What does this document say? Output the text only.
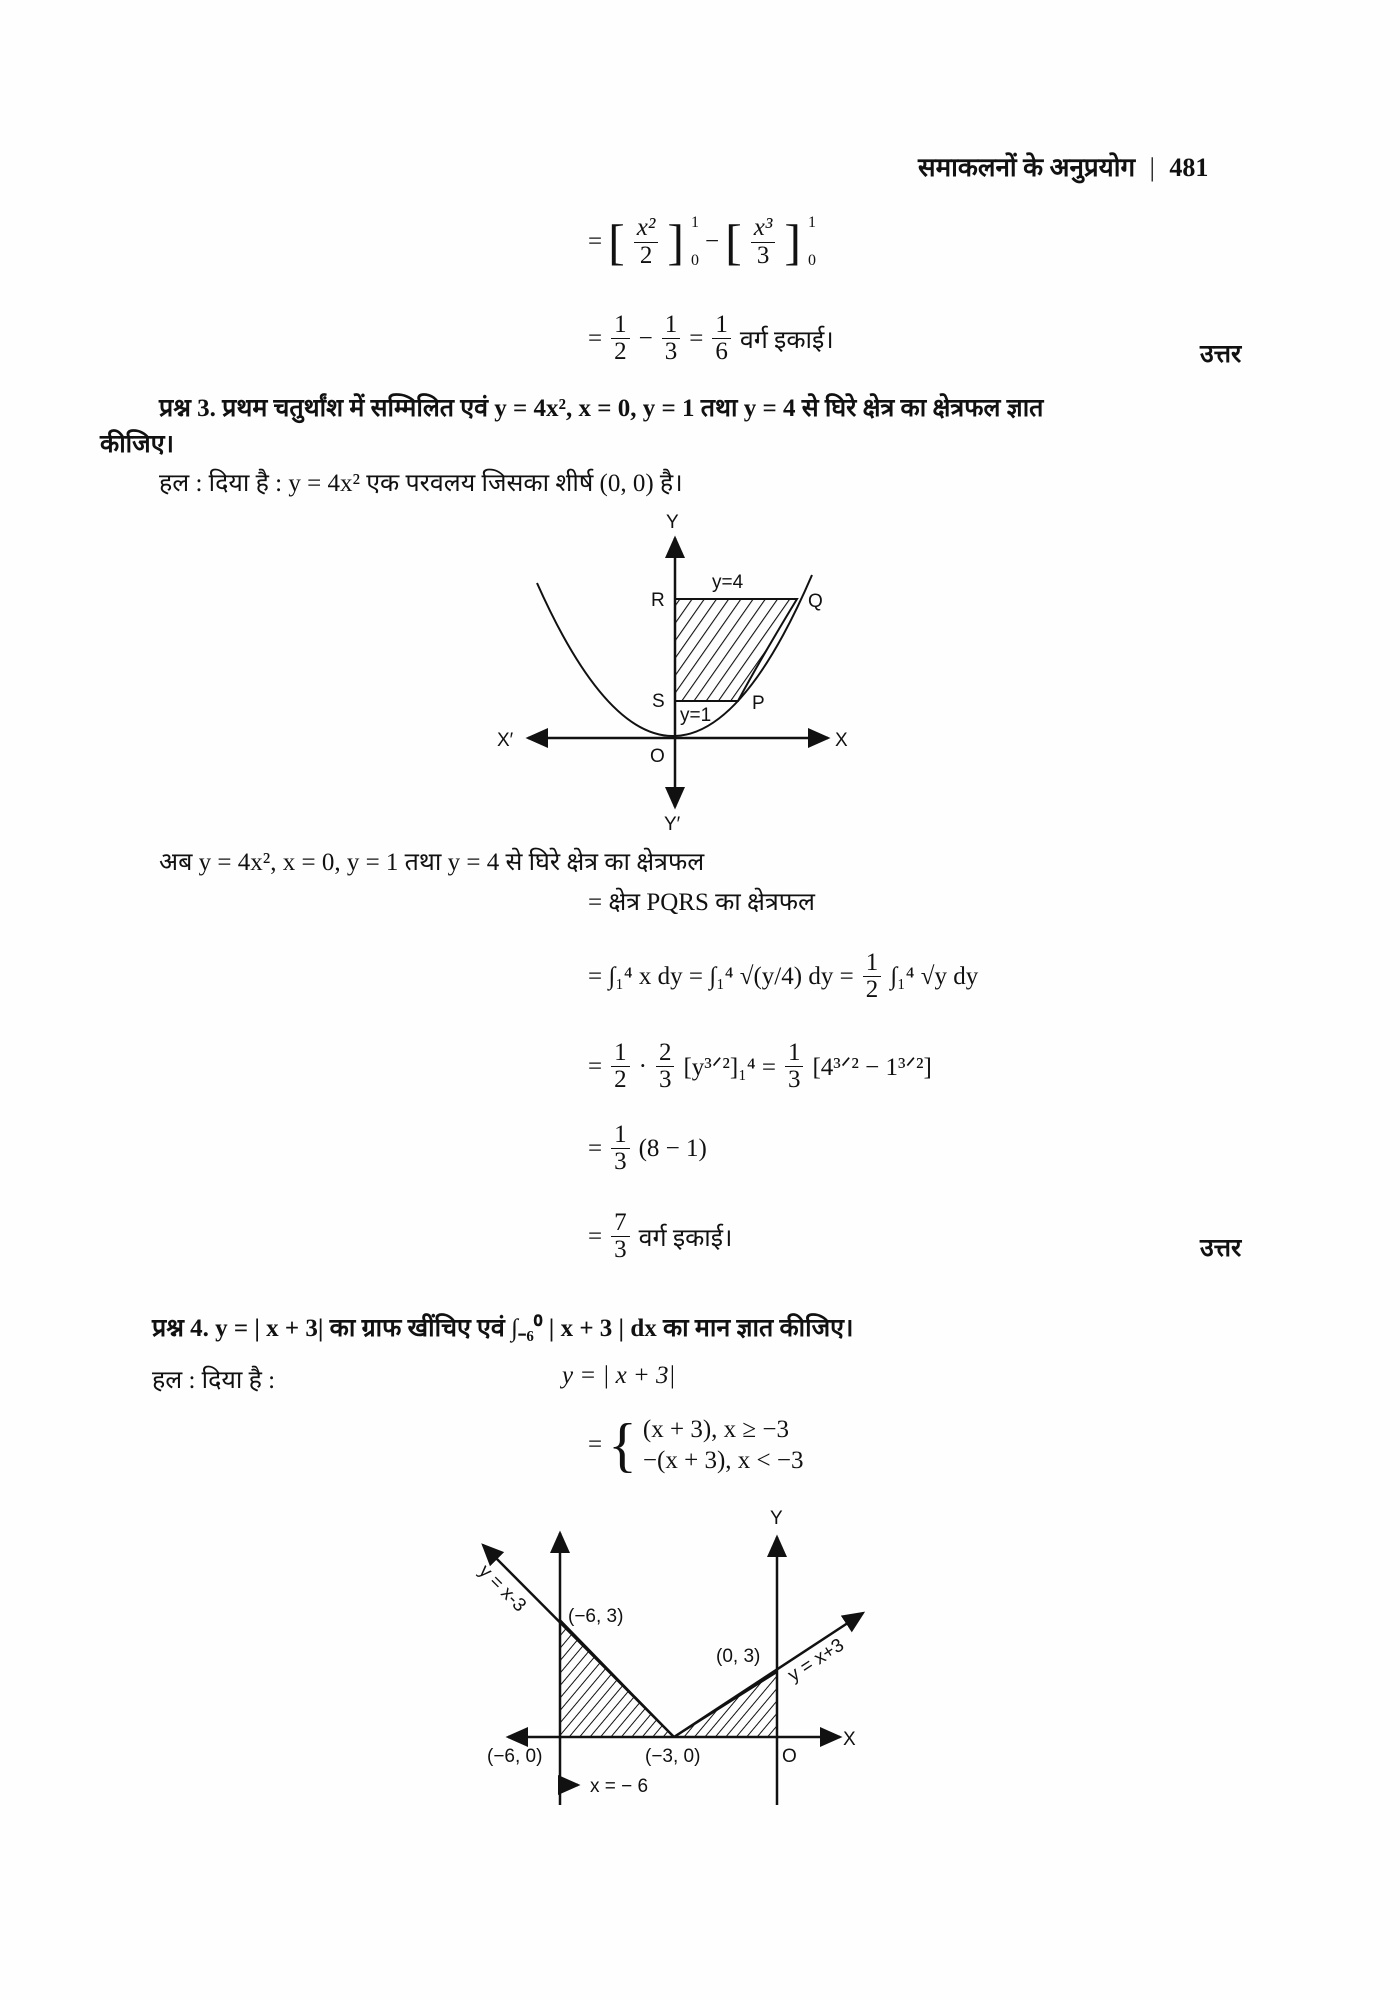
समाकलनों के अनुप्रयोग | 481
= [ $\frac{\text{x²}}{2}$ ] 1
0
− [ $\frac{\text{x³}}{3}$ ] 1
0
= $\frac{1}{2} - \frac{1}{3} = \frac{1}{6}$ वर्ग इकाई।
उत्तर
प्रश्न 3. प्रथम चतुर्थांश में सम्मिलित एवं y = 4x², x = 0, y = 1 तथा y = 4 से घिरे क्षेत्र का क्षेत्रफल ज्ञात
कीजिए।
हल : दिया है : y = 4x² एक परवलय जिसका शीर्ष (0, 0) है।
Y
Y′
X
X′
O
R	Q
S	P
y=4
y=1
अब y = 4x², x = 0, y = 1 तथा y = 4 से घिरे क्षेत्र का क्षेत्रफल
= क्षेत्र PQRS का क्षेत्रफल
= ∫₁⁴ x dy = ∫₁⁴ √(y/4) dy = $\frac{1}{2} \int_1^4$ √y dy
= $\frac{1}{2} \cdot \frac{2}{3}$ [y³ᐟ²]₁⁴ = $\frac{1}{3}$ [4³ᐟ² − 1³ᐟ²]
= $\frac{1}{3} (8 - 1)$
= $\frac{7}{3}$ वर्ग इकाई।	उत्तर
प्रश्न 4. y = | x + 3| का ग्राफ खींचिए एवं ∫₋₆⁰ | x + 3 | dx का मान ज्ञात कीजिए।
हल : दिया है :	y = | x + 3|
= { (x + 3), x ≥ −3
−(x + 3), x < −3
Y
X
O
(−6, 3)
(0, 3)
(−6, 0)	(−3, 0)
x = − 6
y = x-3
y = x+3
